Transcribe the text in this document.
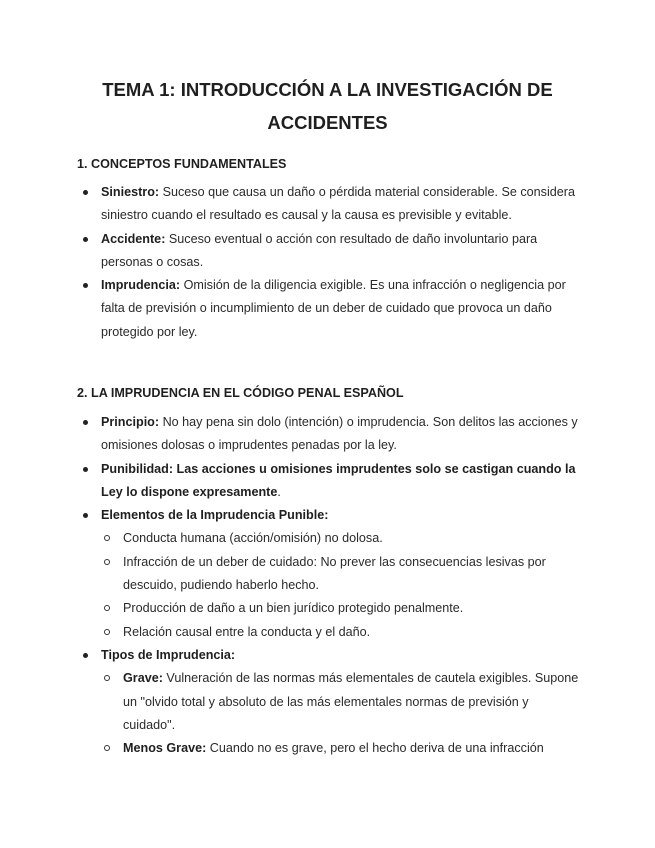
TEMA 1: INTRODUCCIÓN A LA INVESTIGACIÓN DE
ACCIDENTES
1. CONCEPTOS FUNDAMENTALES
Siniestro: Suceso que causa un daño o pérdida material considerable. Se considera siniestro cuando el resultado es causal y la causa es previsible y evitable.
Accidente: Suceso eventual o acción con resultado de daño involuntario para personas o cosas.
Imprudencia: Omisión de la diligencia exigible. Es una infracción o negligencia por falta de previsión o incumplimiento de un deber de cuidado que provoca un daño protegido por ley.
2. LA IMPRUDENCIA EN EL CÓDIGO PENAL ESPAÑOL
Principio: No hay pena sin dolo (intención) o imprudencia. Son delitos las acciones y omisiones dolosas o imprudentes penadas por la ley.
Punibilidad: Las acciones u omisiones imprudentes solo se castigan cuando la Ley lo dispone expresamente.
Elementos de la Imprudencia Punible:
Conducta humana (acción/omisión) no dolosa.
Infracción de un deber de cuidado: No prever las consecuencias lesivas por descuido, pudiendo haberlo hecho.
Producción de daño a un bien jurídico protegido penalmente.
Relación causal entre la conducta y el daño.
Tipos de Imprudencia:
Grave: Vulneración de las normas más elementales de cautela exigibles. Supone un "olvido total y absoluto de las más elementales normas de previsión y cuidado".
Menos Grave: Cuando no es grave, pero el hecho deriva de una infracción
